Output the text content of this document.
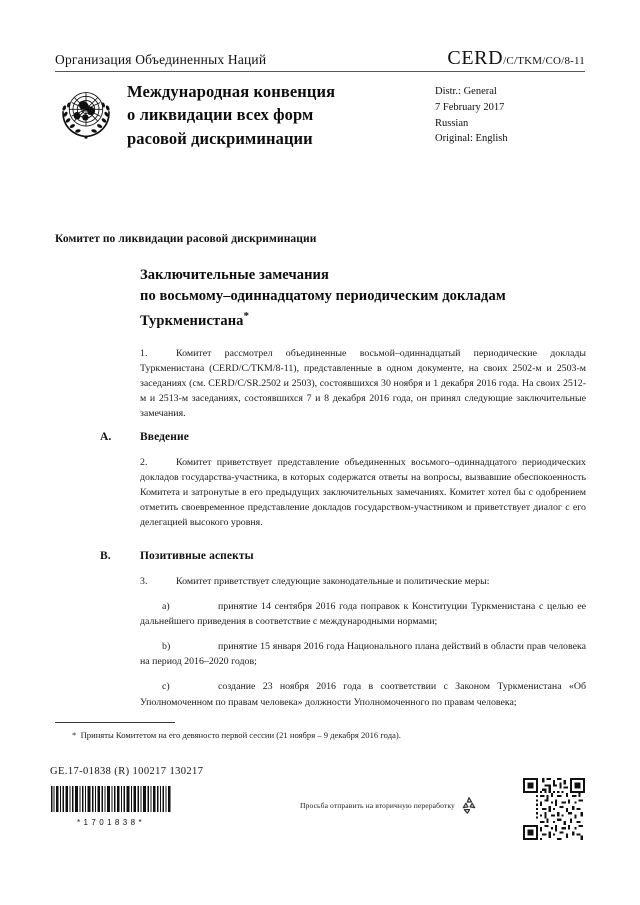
Организация Объединенных Наций	CERD/C/TKM/CO/8-11
Международная конвенция
о ликвидации всех форм
расовой дискриминации
Distr.: General
7 February 2017
Russian
Original: English
Комитет по ликвидации расовой дискриминации
Заключительные замечания
по восьмому–одиннадцатому периодическим докладам
Туркменистана*

1.	Комитет рассмотрел объединенные восьмой–одиннадцатый периодические доклады Туркменистана (CERD/C/TKM/8-11), представленные в одном документе, на своих 2502-м и 2503-м заседаниях (см. CERD/C/SR.2502 и 2503), состоявшихся 30 ноября и 1 декабря 2016 года. На своих 2512-м и 2513-м заседаниях, состоявшихся 7 и 8 декабря 2016 года, он принял следующие заключительные замечания.

A. Введение

2.	Комитет приветствует представление объединенных восьмого–одиннадцатого периодических докладов государства-участника, в которых содержатся ответы на вопросы, вызвавшие обеспокоенность Комитета и затронутые в его предыдущих заключительных замечаниях. Комитет хотел бы с одобрением отметить своевременное представление докладов государством-участником и приветствует диалог с его делегацией высокого уровня.

B.	Позитивные аспекты

3.	Комитет приветствует следующие законодательные и политические меры:

a)	принятие 14 сентября 2016 года поправок к Конституции Туркменистана с целью ее дальнейшего приведения в соответствие с международными нормами;

b)	принятие 15 января 2016 года Национального плана действий в области прав человека на период 2016–2020 годов;

c)	создание 23 ноября 2016 года в соответствии с Законом Туркменистана «Об Уполномоченном по правам человека» должности Уполномоченного по правам человека;

* Приняты Комитетом на его девяносто первой сессии (21 ноября – 9 декабря 2016 года).
GE.17-01838 (R) 100217 130217
*1701838*
Просьба отправить на вторичную переработку
